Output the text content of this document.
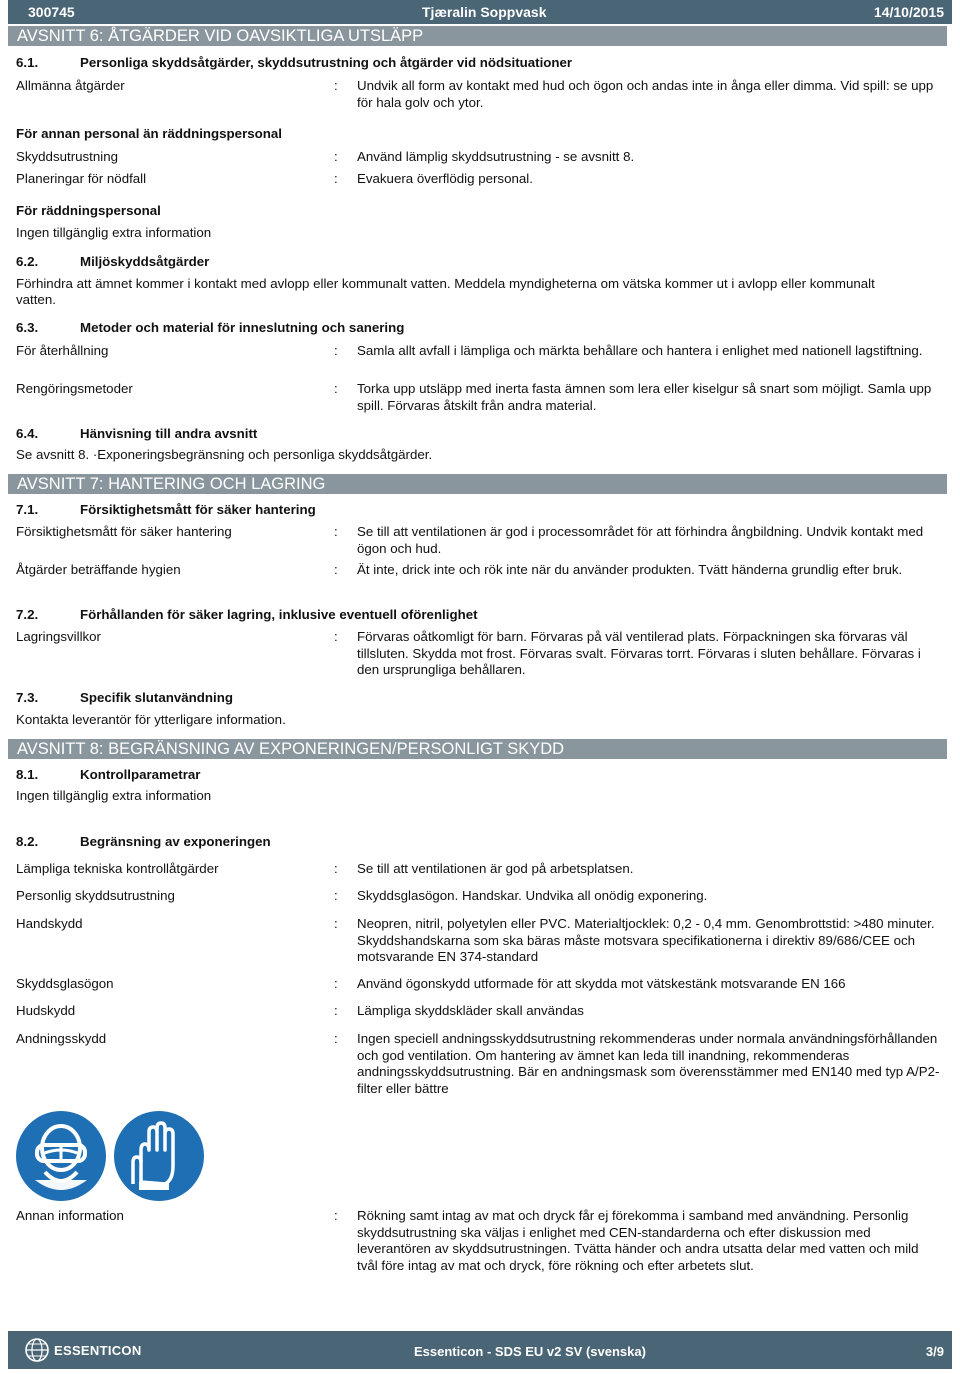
300745	Tjæralin Soppvask	14/10/2015
AVSNITT 6: ÅTGÄRDER VID OAVSIKTLIGA UTSLÄPP
6.1.	Personliga skyddsåtgärder, skyddsutrustning och åtgärder vid nödsituationer
Allmänna åtgärder	: Undvik all form av kontakt med hud och ögon och andas inte in ånga eller dimma. Vid spill: se upp för hala golv och ytor.
För annan personal än räddningspersonal
Skyddsutrustning	: Använd lämplig skyddsutrustning - se avsnitt 8.
Planeringar för nödfall	: Evakuera överflödig personal.
För räddningspersonal
Ingen tillgänglig extra information
6.2.	Miljöskyddsåtgärder
Förhindra att ämnet kommer i kontakt med avlopp eller kommunalt vatten. Meddela myndigheterna om vätska kommer ut i avlopp eller kommunalt
vatten.
6.3.	Metoder och material för inneslutning och sanering
För återhållning	: Samla allt avfall i lämpliga och märkta behållare och hantera i enlighet med nationell lagstiftning.
Rengöringsmetoder	: Torka upp utsläpp med inerta fasta ämnen som lera eller kiselgur så snart som möjligt. Samla upp spill. Förvaras åtskilt från andra material.
6.4.	Hänvisning till andra avsnitt
Se avsnitt 8. ·Exponeringsbegränsning och personliga skyddsåtgärder.
AVSNITT 7: HANTERING OCH LAGRING
7.1.	Försiktighetsmått för säker hantering
Försiktighetsmått för säker hantering	: Se till att ventilationen är god i processområdet för att förhindra ångbildning. Undvik kontakt med ögon och hud.
Åtgärder beträffande hygien	: Ät inte, drick inte och rök inte när du använder produkten. Tvätt händerna grundlig efter bruk.
7.2.	Förhållanden för säker lagring, inklusive eventuell oförenlighet
Lagringsvillkor	: Förvaras oåtkomligt för barn. Förvaras på väl ventilerad plats. Förpackningen ska förvaras väl tillsluten. Skydda mot frost. Förvaras svalt. Förvaras torrt. Förvaras i sluten behållare. Förvaras i den ursprungliga behållaren.
7.3.	Specifik slutanvändning
Kontakta leverantör för ytterligare information.
AVSNITT 8: BEGRÄNSNING AV EXPONERINGEN/PERSONLIGT SKYDD
8.1.	Kontrollparametrar
Ingen tillgänglig extra information
8.2.	Begränsning av exponeringen
Lämpliga tekniska kontrollåtgärder	: Se till att ventilationen är god på arbetsplatsen.
Personlig skyddsutrustning	: Skyddsglasögon. Handskar. Undvika all onödig exponering.
Handskydd	: Neopren, nitril, polyetylen eller PVC. Materialtjocklek: 0,2 - 0,4 mm. Genombrottstid: >480 minuter. Skyddshandskarna som ska bäras måste motsvara specifikationerna i direktiv 89/686/CEE och motsvarande EN 374-standard
Skyddsglasögon	: Använd ögonskydd utformade för att skydda mot vätskestänk motsvarande EN 166
Hudskydd	: Lämpliga skyddskläder skall användas
Andningsskydd	: Ingen speciell andningsskyddsutrustning rekommenderas under normala användningsförhållanden och god ventilation. Om hantering av ämnet kan leda till inandning, rekommenderas andningsskyddsutrustning. Bär en andningsmask som överensstämmer med EN140 med typ A/P2-filter eller bättre
Annan information	: Rökning samt intag av mat och dryck får ej förekomma i samband med användning. Personlig skyddsutrustning ska väljas i enlighet med CEN-standarderna och efter diskussion med leverantören av skyddsutrustningen. Tvätta händer och andra utsatta delar med vatten och mild tvål före intag av mat och dryck, före rökning och efter arbetets slut.
ESSENTICON	Essenticon - SDS EU v2 SV (svenska)	3/9
